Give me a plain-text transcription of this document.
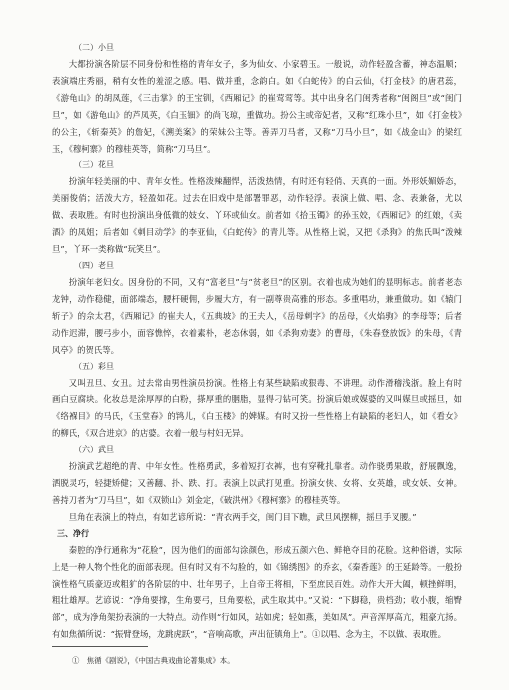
（二）小旦

大都扮演各阶层不同身份和性格的青年女子，多为仙女、小家碧玉。一般说，动作轻盈含蓄，神态温顺；表演端庄秀丽，稍有女性的羞涩之感。唱、做并重，念韵白。如《白蛇传》的白云仙，《打金枝》的唐君蕊，《游龟山》的胡凤莲，《三击掌》的王宝钏，《西厢记》的崔莺莺等。其中出身名门闺秀者称“闺阁旦”或“闺门旦”，如《游龟山》的芦凤英，《白玉钿》的尚飞琼，重做功。扮公主或帝妃者，又称“红珠小旦”，如《打金枝》的公主，《斩秦英》的詹妃，《溯美案》的荣妹公主等。善弄刀马者，又称“刀马小旦”，如《战金山》的梁红玉，《穆柯寨》的穆桂英等，简称“刀马旦”。

（三）花旦

扮演年轻美丽的中、青年女性。性格泼辣翻悍，活泼热情，有时还有轻俏、天真的一面。外形妖媚娇态，美丽俊俏；活泼大方，轻盈如花。过去在旧戏中是部署罪恶，动作轻浮。表演上做、唱、念、表兼备，尤以做、表取胜。有时也扮演出身低微的妓女、丫环或仙女。前者如《拾玉镯》的孙玉姣，《西厢记》的红娘，《卖酒》的凤姐；后者如《刺目动学》的李亚仙，《白蛇传》的青儿等。从性格上说，又把《杀狗》的焦氏叫“泼辣旦”，丫环一类称做“玩笑旦”。

（四）老旦

扮演年老妇女。因身份的不同，又有“富老旦”与“贫老旦”的区别。衣着也成为她们的显明标志。前者老态龙钟，动作稳健，面部端态，腰杆硬佣，步履大方，有一副尊贵高雅的形态。多重唱功，兼重做功。如《辕门斩子》的佘太君，《西厢记》的崔夫人，《五典坡》的王夫人，《岳母刺字》的岳母，《火焰驹》的李母等；后者动作迟滞，腰弓步小，面容憔悴，衣着素朴，老态休弱，如《杀狗劝妻》的曹母，《朱春登放饭》的朱母，《青风亭》的贺氏等。

（五）彩旦

又叫丑旦、女丑。过去常由男性演员扮演。性格上有某些缺陷或狠毒、不讲理。动作滑稽浅浙。脸上有时画白豆腐块。化妆总是涂厚厚的白粉，搽厚重的胭脂，显得刁钻可笑。扮演后娘或媒婆的又叫媒旦或摇旦，如《络褓目》的马氏，《玉堂春》的鸨儿，《白玉楼》的婢媒。有时又扮一些性格上有缺陷的老妇人，如《看女》的柳氏，《双合进京》的店婆。衣着一般与村妇无异。

（六）武旦

扮演武艺超绝的青、中年女性。性格勇武，多着短打衣裤，也有穿靴扎靠者。动作骁勇果敢，舒展飘逸，洒脱灵巧，轻捷矫健；又善翻、扑、跌、打。表演上以武打见重。扮演女侠、女将、女英雄，或女妖、女神。善持刀者为“刀马旦”，如《双锁山》刘金定，《破洪州》《穆柯寨》的穆桂英等。

旦角在表演上的特点，有如艺谚所说：“青衣两手交，闺门目下瞧，武旦风摆柳，摇旦手叉腰。”

三、净行

秦腔的净行通称为“花脸”，因为他们的面部勾涂颜色，形成五颜六色、鲜艳夺目的花脸。这种俗谱，实际上是一种人物个性化的面部表现。但有时又有不勾脸的，如《锦绣图》的乔玄，《秦香莲》的王延龄等。一般扮演性格气质豪迈或粗犷的各阶层的中、壮年男子，上自帝王将相，下至庶民百姓。动作大开大阖，顿挫鲜明，粗壮雄厚。艺谚说：“净角要撑，生角要弓，旦角要松，武生取其中。”又说：“下脚稳，贵档劲；收小腹，缩臀部”，成为净角架扮表演的一大特点。动作则“行如风，站如虎；轻如燕，美如凤”。声音浑厚高亢，粗豪亢扬。有如焦循所说：“振臂登场，龙跳虎跃”，“音响高歌，声出征镇角上”。①以唱、念为主，不以做、表取胜。

①　焦循《剧说》，《中国古典戏曲论著集成》本。
